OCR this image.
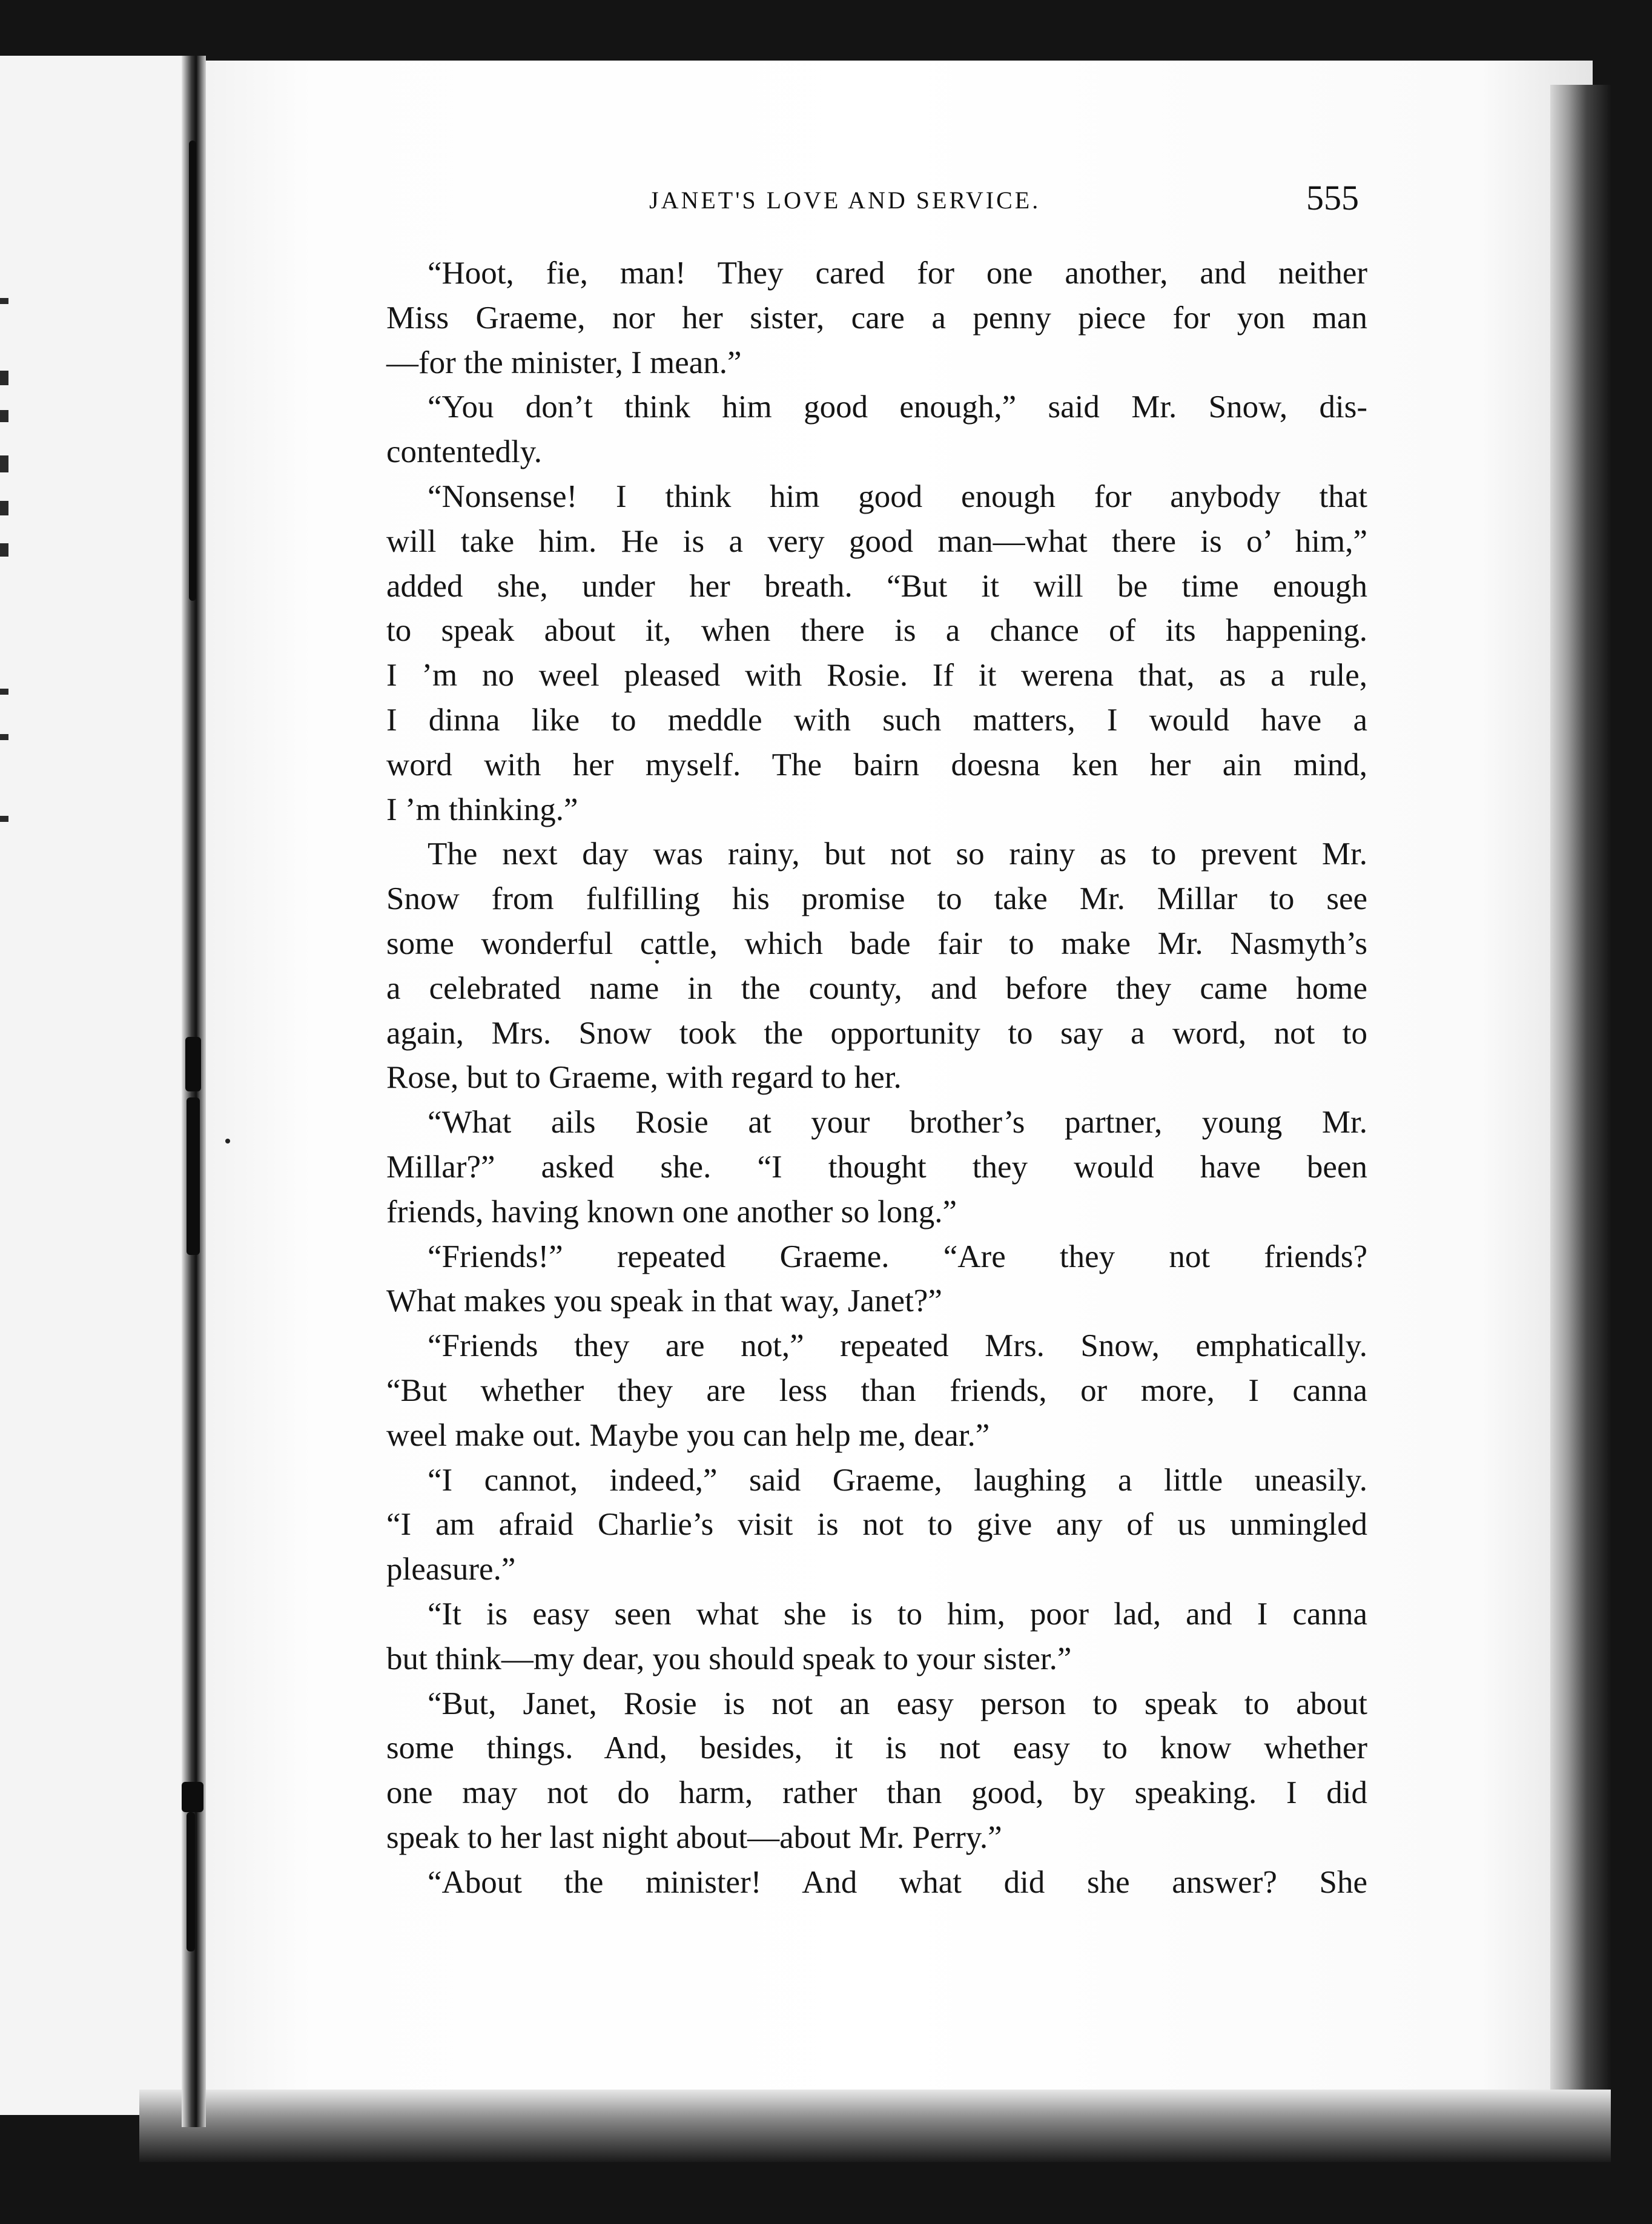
JANET'S LOVE AND SERVICE.	555
“Hoot, fie, man! They cared for one another, and neither
Miss Graeme, nor her sister, care a penny piece for yon man
—for the minister, I mean.”
“You don’t think him good enough,” said Mr. Snow, dis-
contentedly.
“Nonsense! I think him good enough for anybody that
will take him. He is a very good man—what there is o’ him,”
added she, under her breath. “But it will be time enough
to speak about it, when there is a chance of its happening.
I ’m no weel pleased with Rosie. If it werena that, as a rule,
I dinna like to meddle with such matters, I would have a
word with her myself. The bairn doesna ken her ain mind,
I ’m thinking.”
The next day was rainy, but not so rainy as to prevent Mr.
Snow from fulfilling his promise to take Mr. Millar to see
some wonderful cattle, which bade fair to make Mr. Nasmyth’s
a celebrated name in the county, and before they came home
again, Mrs. Snow took the opportunity to say a word, not to
Rose, but to Graeme, with regard to her.
“What ails Rosie at your brother’s partner, young Mr.
Millar?” asked she. “I thought they would have been
friends, having known one another so long.”
“Friends!” repeated Graeme. “Are they not friends?
What makes you speak in that way, Janet?”
“Friends they are not,” repeated Mrs. Snow, emphatically.
“But whether they are less than friends, or more, I canna
weel make out. Maybe you can help me, dear.”
“I cannot, indeed,” said Graeme, laughing a little uneasily.
“I am afraid Charlie’s visit is not to give any of us unmingled
pleasure.”
“It is easy seen what she is to him, poor lad, and I canna
but think—my dear, you should speak to your sister.”
“But, Janet, Rosie is not an easy person to speak to about
some things. And, besides, it is not easy to know whether
one may not do harm, rather than good, by speaking. I did
speak to her last night about—about Mr. Perry.”
“About the minister! And what did she answer? She
